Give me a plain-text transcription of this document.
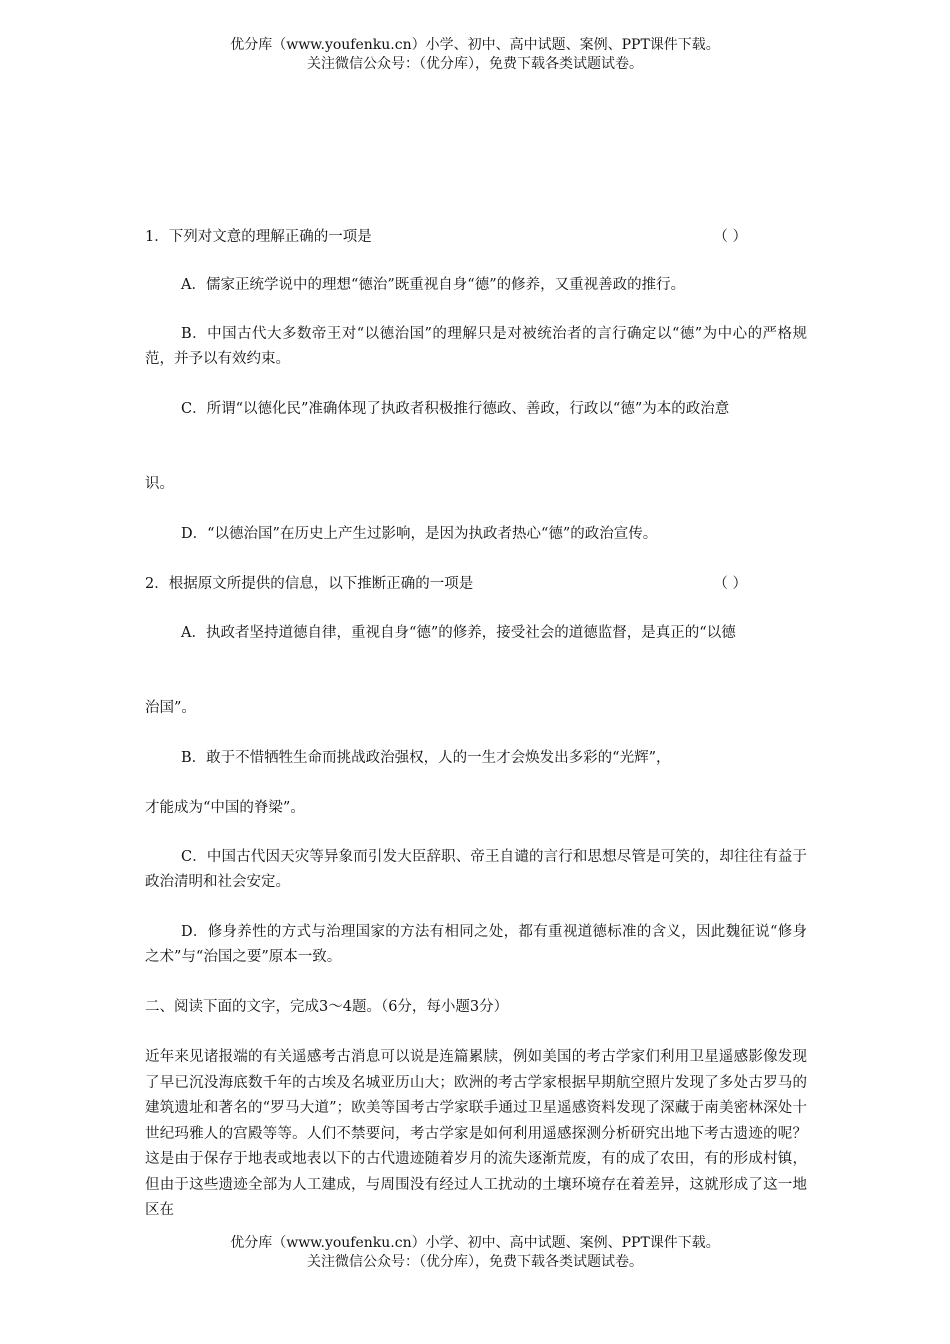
优分库（www.youfenku.cn）小学、初中、高中试题、案例、PPT课件下载。
关注微信公众号：（优分库），免费下载各类试题试卷。
1．下列对文意的理解正确的一项是	（ ）
A．儒家正统学说中的理想“德治”既重视自身“德”的修养，又重视善政的推行。
B．中国古代大多数帝王对“以德治国”的理解只是对被统治者的言行确定以“德”为中心的严格规范，并予以有效约束。
C．所谓“以德化民”准确体现了执政者积极推行德政、善政，行政以“德”为本的政治意
识。
D．“以德治国”在历史上产生过影响，是因为执政者热心“德”的政治宣传。
2．根据原文所提供的信息，以下推断正确的一项是	（ ）
A．执政者坚持道德自律，重视自身“德”的修养，接受社会的道德监督，是真正的“以德
治国”。
B．敢于不惜牺牲生命而挑战政治强权，人的一生才会焕发出多彩的“光辉”，
才能成为“中国的脊梁”。
C．中国古代因天灾等异象而引发大臣辞职、帝王自谴的言行和思想尽管是可笑的，却往往有益于政治清明和社会安定。
D．修身养性的方式与治理国家的方法有相同之处，都有重视道德标准的含义，因此魏征说“修身之术”与“治国之要”原本一致。
二、阅读下面的文字，完成3～4题。（6分，每小题3分）
近年来见诸报端的有关遥感考古消息可以说是连篇累牍，例如美国的考古学家们利用卫星遥感影像发现了早已沉没海底数千年的古埃及名城亚历山大；欧洲的考古学家根据早期航空照片发现了多处古罗马的建筑遗址和著名的“罗马大道”；欧美等国考古学家联手通过卫星遥感资料发现了深藏于南美密林深处十世纪玛雅人的宫殿等等。人们不禁要问，考古学家是如何利用遥感探测分析研究出地下考古遗迹的呢？这是由于保存于地表或地表以下的古代遗迹随着岁月的流失逐渐荒废，有的成了农田，有的形成村镇，但由于这些遗迹全部为人工建成，与周围没有经过人工扰动的土壤环境存在着差异，这就形成了这一地区在
优分库（www.youfenku.cn）小学、初中、高中试题、案例、PPT课件下载。
关注微信公众号：（优分库），免费下载各类试题试卷。
